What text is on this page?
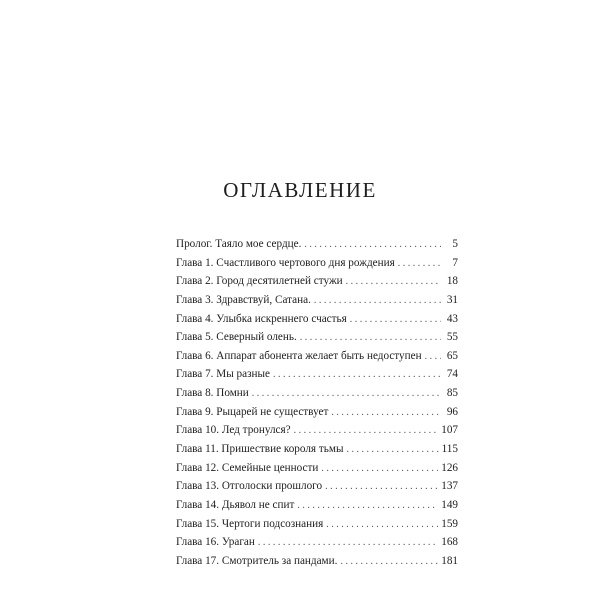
ОГЛАВЛЕНИЕ
Пролог. Таяло мое сердце. . . .	5
Глава 1. Счастливого чертового дня рождения . . .	7
Глава 2. Город десятилетней стужи . . .	18
Глава 3. Здравствуй, Сатана. . . .	31
Глава 4. Улыбка искреннего счастья . . .	43
Глава 5. Северный олень. . . .	55
Глава 6. Аппарат абонента желает быть недоступен . . . 65
Глава 7. Мы разные . . .	74
Глава 8. Помни . . .	85
Глава 9. Рыцарей не существует . . .	96
Глава 10. Лед тронулся? . . .	107
Глава 11. Пришествие короля тьмы . . .	115
Глава 12. Семейные ценности . . .	126
Глава 13. Отголоски прошлого . . .	137
Глава 14. Дьявол не спит . . .	149
Глава 15. Чертоги подсознания . . .	159
Глава 16. Ураган . . .	168
Глава 17. Смотритель за пандами. . . .	181
